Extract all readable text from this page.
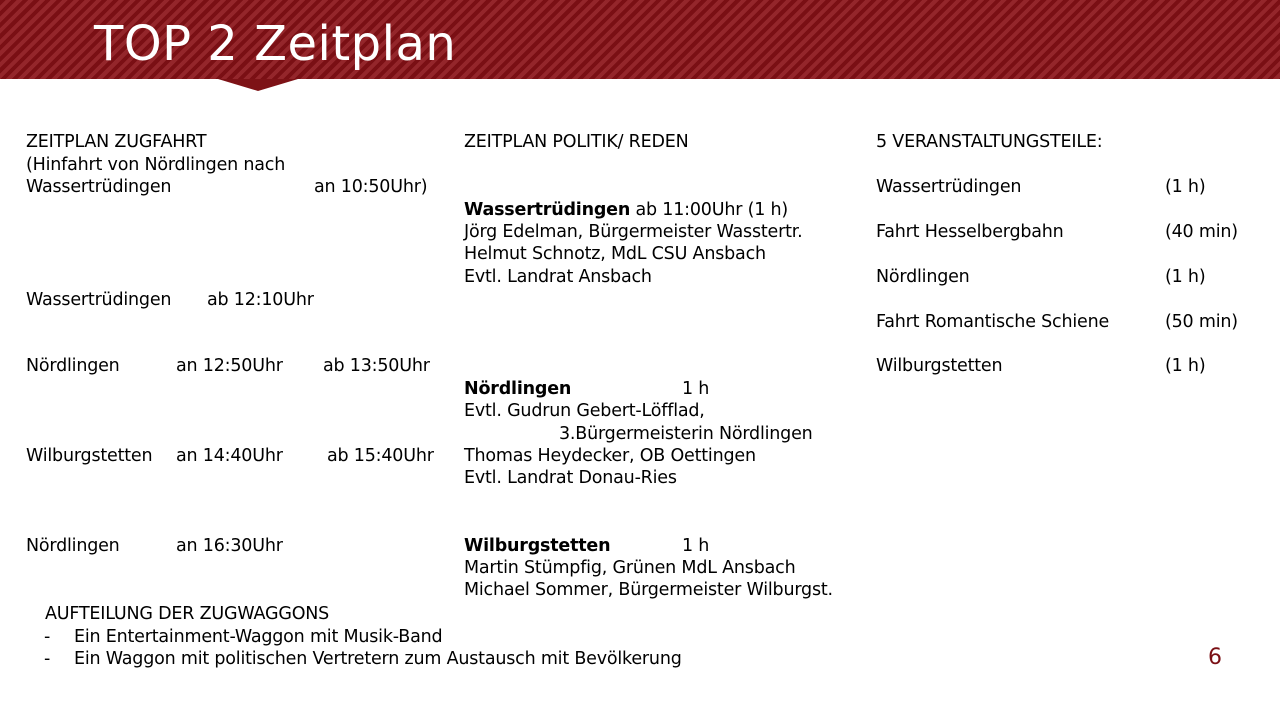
TOP 2 Zeitplan
ZEITPLAN ZUGFAHRT
(Hinfahrt von Nördlingen nach
Wassertrüdingen	an 10:50Uhr)
Wassertrüdingen ab 12:10Uhr
Nördlingen	an 12:50Uhr ab 13:50Uhr
Wilburgstetten an 14:40Uhr	ab 15:40Uhr
Nördlingen	an 16:30Uhr
ZEITPLAN POLITIK/ REDEN
Wassertrüdingen ab 11:00Uhr (1 h)
Jörg Edelman, Bürgermeister Wasstertr.
Helmut Schnotz, MdL CSU Ansbach
Evtl. Landrat Ansbach
Nördlingen	1 h
Evtl. Gudrun Gebert-Löfflad,
3.Bürgermeisterin Nördlingen
Thomas Heydecker, OB Oettingen
Evtl. Landrat Donau-Ries
Wilburgstetten	1 h
Martin Stümpfig, Grünen MdL Ansbach
Michael Sommer, Bürgermeister Wilburgst.
5 VERANSTALTUNGSTEILE:
Wassertrüdingen	(1 h)
Fahrt Hesselbergbahn	(40 min)
Nördlingen	(1 h)
Fahrt Romantische Schiene	(50 min)
Wilburgstetten	(1 h)
AUFTEILUNG DER ZUGWAGGONS
- Ein Entertainment-Waggon mit Musik-Band
- Ein Waggon mit politischen Vertretern zum Austausch mit Bevölkerung	6
